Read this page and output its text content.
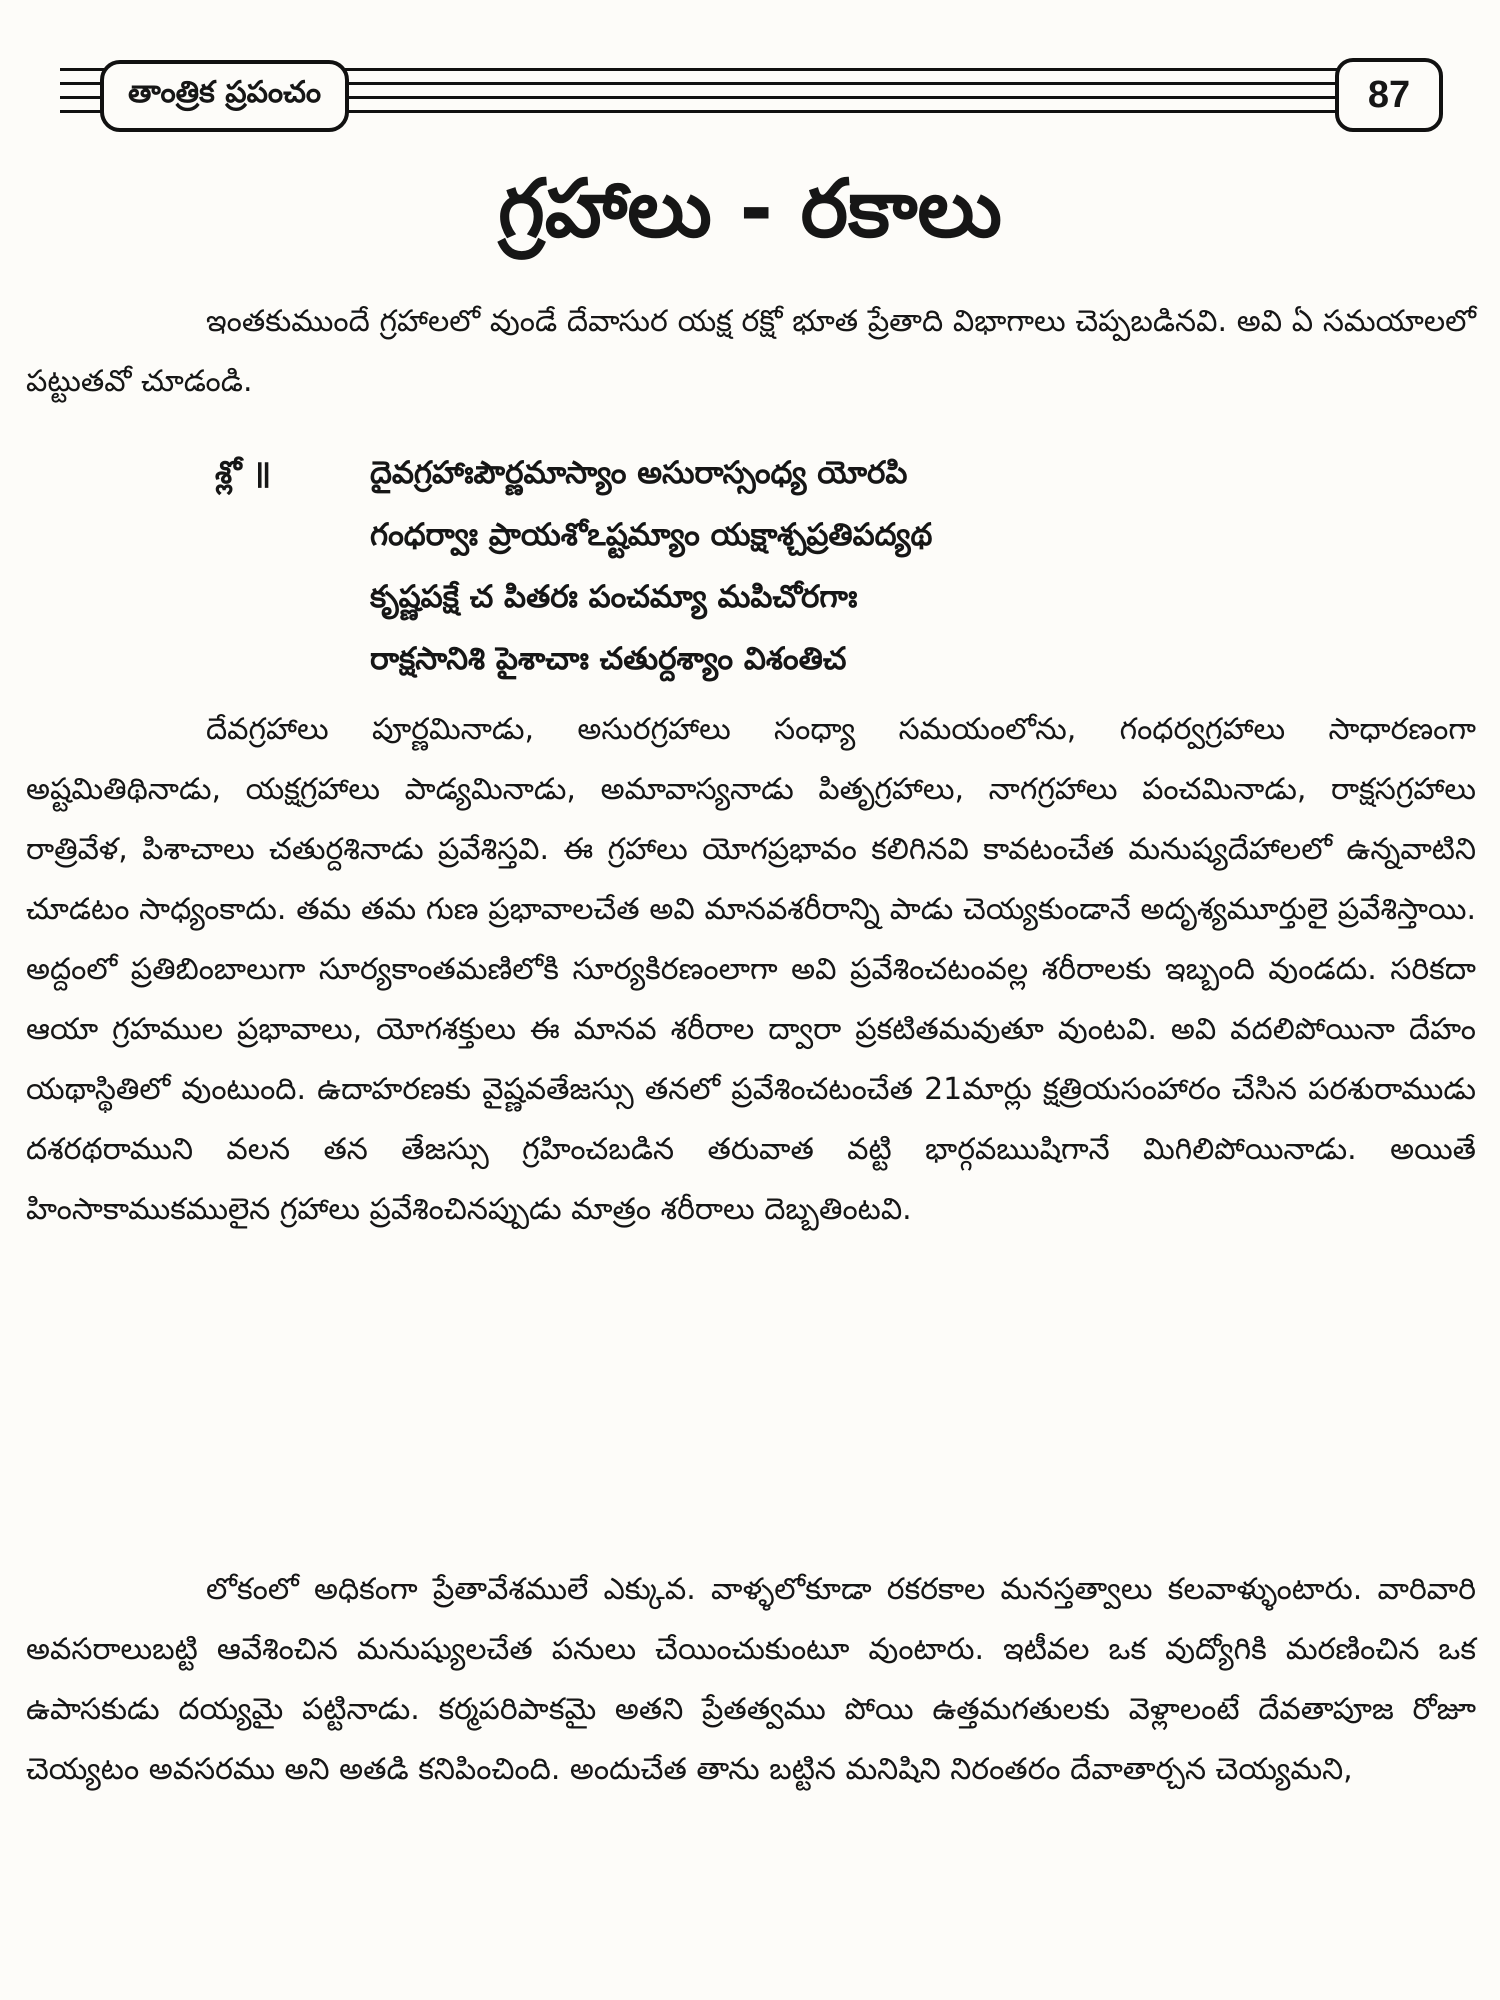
తాంత్రిక ప్రపంచం	87
గ్రహాలు - రకాలు
ఇంతకుముందే గ్రహాలలో వుండే దేవాసుర యక్ష రక్షో భూత ప్రేతాది విభాగాలు చెప్పబడినవి. అవి ఏ సమయాలలో పట్టుతవో చూడండి.
శ్లో ॥	దైవగ్రహాఃపౌర్ణమాస్యాం అసురాస్సంధ్య యోరపి
గంధర్వాః ప్రాయశోఽష్టమ్యాం యక్షాశ్చప్రతిపద్యథ
కృష్ణపక్షే చ పితరః పంచమ్యా మపిచోరగాః
రాక్షసానిశి పైశాచాః చతుర్దశ్యాం విశంతిచ
దేవగ్రహాలు పూర్ణమినాడు, అసురగ్రహాలు సంధ్యా సమయంలోను, గంధర్వగ్రహాలు సాధారణంగా అష్టమితిథినాడు, యక్షగ్రహాలు పాడ్యమినాడు, అమావాస్యనాడు పితృగ్రహాలు, నాగగ్రహాలు పంచమినాడు, రాక్షసగ్రహాలు రాత్రివేళ, పిశాచాలు చతుర్దశినాడు ప్రవేశిస్తవి. ఈ గ్రహాలు యోగప్రభావం కలిగినవి కావటంచేత మనుష్యదేహాలలో ఉన్నవాటిని చూడటం సాధ్యంకాదు. తమ తమ గుణ ప్రభావాలచేత అవి మానవశరీరాన్ని పాడు చెయ్యకుండానే అదృశ్యమూర్తులై ప్రవేశిస్తాయి. అద్దంలో ప్రతిబింబాలుగా సూర్యకాంతమణిలోకి సూర్యకిరణంలాగా అవి ప్రవేశించటంవల్ల శరీరాలకు ఇబ్బంది వుండదు. సరికదా ఆయా గ్రహముల ప్రభావాలు, యోగశక్తులు ఈ మానవ శరీరాల ద్వారా ప్రకటితమవుతూ వుంటవి. అవి వదలిపోయినా దేహం యథాస్థితిలో వుంటుంది. ఉదాహరణకు వైష్ణవతేజస్సు తనలో ప్రవేశించటంచేత 21మార్లు క్షత్రియసంహారం చేసిన పరశురాముడు దశరథరాముని వలన తన తేజస్సు గ్రహించబడిన తరువాత వట్టి భార్గవఋషిగానే మిగిలిపోయినాడు. అయితే హింసాకాముకములైన గ్రహాలు ప్రవేశించినప్పుడు మాత్రం శరీరాలు దెబ్బతింటవి.
లోకంలో అధికంగా ప్రేతావేశములే ఎక్కువ. వాళ్ళలోకూడా రకరకాల మనస్తత్వాలు కలవాళ్ళుంటారు. వారివారి అవసరాలుబట్టి ఆవేశించిన మనుష్యులచేత పనులు చేయించుకుంటూ వుంటారు. ఇటీవల ఒక వుద్యోగికి మరణించిన ఒక ఉపాసకుడు దయ్యమై పట్టినాడు. కర్మపరిపాకమై అతని ప్రేతత్వము పోయి ఉత్తమగతులకు వెళ్లాలంటే దేవతాపూజ రోజూ చెయ్యటం అవసరము అని అతడి కనిపించింది. అందుచేత తాను బట్టిన మనిషిని నిరంతరం దేవాతార్చన చెయ్యమని,
